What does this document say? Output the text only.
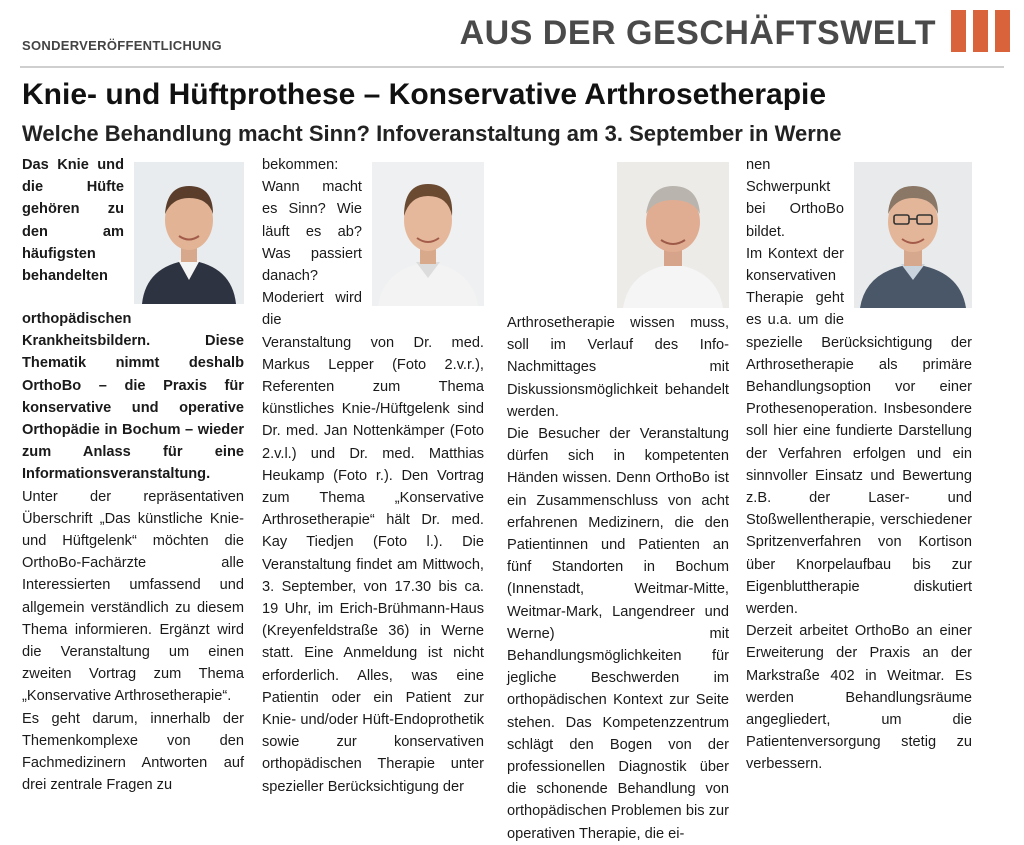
SONDERVERÖFFENTLICHUNG	AUS DER GESCHÄFTSWELT
Knie- und Hüftprothese – Konservative Arthrosetherapie
Welche Behandlung macht Sinn? Infoveranstaltung am 3. September in Werne

Das Knie und die Hüfte gehören zu den am häufigsten behandelten orthopädischen Krankheitsbildern. Diese Thematik nimmt deshalb OrthoBo – die Praxis für konservative und operative Orthopädie in Bochum – wieder zum Anlass für eine Informationsveranstaltung.

Unter der repräsentativen Überschrift „Das künstliche Knie- und Hüftgelenk“ möchten die OrthoBo-Fachärzte alle Interessierten umfassend und allgemein verständlich zu diesem Thema informieren. Ergänzt wird die Veranstaltung um einen zweiten Vortrag zum Thema „Konservative Arthrosetherapie“.

Es geht darum, innerhalb der Themenkomplexe von den Fachmedizinern Antworten auf drei zentrale Fragen zu

bekommen: Wann macht es Sinn? Wie läuft es ab? Was passiert danach? Moderiert wird die Veranstaltung von Dr. med. Markus Lepper (Foto 2.v.r.), Referenten zum Thema künstliches Knie-/Hüftgelenk sind Dr. med. Jan Nottenkämper (Foto 2.v.l.) und Dr. med. Matthias Heukamp (Foto r.). Den Vortrag zum Thema „Konservative Arthrosetherapie“ hält Dr. med. Kay Tiedjen (Foto l.). Die Veranstaltung findet am Mittwoch, 3. September, von 17.30 bis ca. 19 Uhr, im Erich-Brühmann-Haus (Kreyenfeldstraße 36) in Werne statt. Eine Anmeldung ist nicht erforderlich. Alles, was eine Patientin oder ein Patient zur Knie- und/oder Hüft-Endoprothetik sowie zur konservativen orthopädischen Therapie unter spezieller Berücksichtigung der

Arthrosetherapie wissen muss, soll im Verlauf des Info-Nachmittages mit Diskussionsmöglichkeit behandelt werden.

Die Besucher der Veranstaltung dürfen sich in kompetenten Händen wissen. Denn OrthoBo ist ein Zusammenschluss von acht erfahrenen Medizinern, die den Patientinnen und Patienten an fünf Standorten in Bochum (Innenstadt, Weitmar-Mitte, Weitmar-Mark, Langendreer und Werne) mit Behandlungsmöglichkeiten für jegliche Beschwerden im orthopädischen Kontext zur Seite stehen. Das Kompetenzzentrum schlägt den Bogen von der professionellen Diagnostik über die schonende Behandlung von orthopädischen Problemen bis zur operativen Therapie, die ei-

nen Schwerpunkt bei OrthoBo bildet.

Im Kontext der konservativen Therapie geht es u.a. um die spezielle Berücksichtigung der Arthrosetherapie als primäre Behandlungsoption vor einer Prothesenoperation. Insbesondere soll hier eine fundierte Darstellung der Verfahren erfolgen und ein sinnvoller Einsatz und Bewertung z.B. der Laser- und Stoßwellentherapie, verschiedener Spritzenverfahren von Kortison über Knorpelaufbau bis zur Eigenbluttherapie diskutiert werden.

Derzeit arbeitet OrthoBo an einer Erweiterung der Praxis an der Markstraße 402 in Weitmar. Es werden Behandlungsräume angegliedert, um die Patientenversorgung stetig zu verbessern.
